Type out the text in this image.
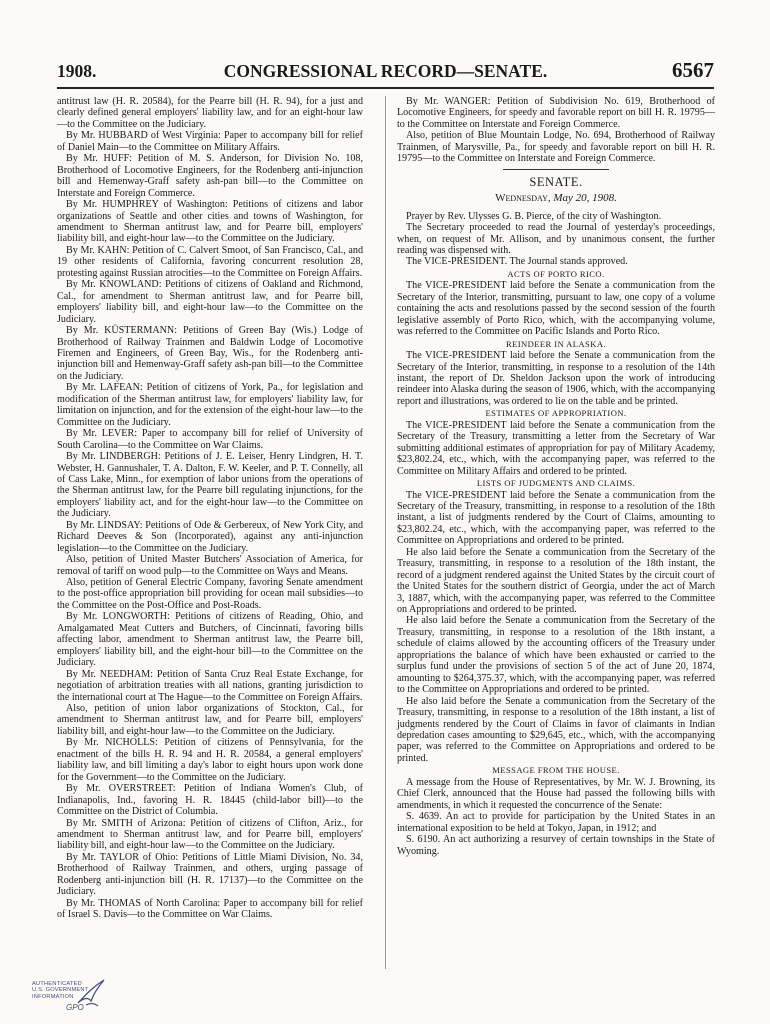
1908.	CONGRESSIONAL RECORD—SENATE.	6567

antitrust law (H. R. 20584), for the Pearre bill (H. R. 94), for a just and clearly defined general employers' liability law, and for an eight-hour law—to the Committee on the Judiciary.

By Mr. HUBBARD of West Virginia: Paper to accompany bill for relief of Daniel Main—to the Committee on Military Affairs.

By Mr. HUFF: Petition of M. S. Anderson, for Division No. 108, Brotherhood of Locomotive Engineers, for the Rodenberg anti-injunction bill and Hemenway-Graff safety ash-pan bill—to the Committee on Interstate and Foreign Commerce.

By Mr. HUMPHREY of Washington: Petitions of citizens and labor organizations of Seattle and other cities and towns of Washington, for amendment to Sherman antitrust law, and for Pearre bill, employers' liability bill, and eight-hour law—to the Committee on the Judiciary.

By Mr. KAHN: Petition of C. Calvert Smoot, of San Francisco, Cal., and 19 other residents of California, favoring concurrent resolution 28, protesting against Russian atrocities—to the Committee on Foreign Affairs.

By Mr. KNOWLAND: Petitions of citizens of Oakland and Richmond, Cal., for amendment to Sherman antitrust law, and for Pearre bill, employers' liability bill, and eight-hour law—to the Committee on the Judiciary.

By Mr. KÜSTERMANN: Petitions of Green Bay (Wis.) Lodge of Brotherhood of Railway Trainmen and Baldwin Lodge of Locomotive Firemen and Engineers, of Green Bay, Wis., for the Rodenberg anti-injunction bill and Hemenway-Graff safety ash-pan bill—to the Committee on the Judiciary.

By Mr. LAFEAN: Petition of citizens of York, Pa., for legislation and modification of the Sherman antitrust law, for employers' liability law, for limitation on injunction, and for the extension of the eight-hour law—to the Committee on the Judiciary.

By Mr. LEVER: Paper to accompany bill for relief of University of South Carolina—to the Committee on War Claims.

By Mr. LINDBERGH: Petitions of J. E. Leiser, Henry Lindgren, H. T. Webster, H. Gannushaler, T. A. Dalton, F. W. Keeler, and P. T. Connelly, all of Cass Lake, Minn., for exemption of labor unions from the operations of the Sherman antitrust law, for the Pearre bill regulating injunctions, for the employers' liability act, and for the eight-hour law—to the Committee on the Judiciary.

By Mr. LINDSAY: Petitions of Ode & Gerbereux, of New York City, and Richard Deeves & Son (Incorporated), against any anti-injunction legislation—to the Committee on the Judiciary.

Also, petition of United Master Butchers' Association of America, for removal of tariff on wood pulp—to the Committee on Ways and Means.

Also, petition of General Electric Company, favoring Senate amendment to the post-office appropriation bill providing for ocean mail subsidies—to the Committee on the Post-Office and Post-Roads.

By Mr. LONGWORTH: Petitions of citizens of Reading, Ohio, and Amalgamated Meat Cutters and Butchers, of Cincinnati, favoring bills affecting labor, amendment to Sherman antitrust law, the Pearre bill, employers' liability bill, and the eight-hour bill—to the Committee on the Judiciary.

By Mr. NEEDHAM: Petition of Santa Cruz Real Estate Exchange, for negotiation of arbitration treaties with all nations, granting jurisdiction to the international court at The Hague—to the Committee on Foreign Affairs.

Also, petition of union labor organizations of Stockton, Cal., for amendment to Sherman antitrust law, and for Pearre bill, employers' liability bill, and eight-hour law—to the Committee on the Judiciary.

By Mr. NICHOLLS: Petition of citizens of Pennsylvania, for the enactment of the bills H. R. 94 and H. R. 20584, a general employers' liability law, and bill limiting a day's labor to eight hours upon work done for the Government—to the Committee on the Judiciary.

By Mr. OVERSTREET: Petition of Indiana Women's Club, of Indianapolis, Ind., favoring H. R. 18445 (child-labor bill)—to the Committee on the District of Columbia.

By Mr. SMITH of Arizona: Petition of citizens of Clifton, Ariz., for amendment to Sherman antitrust law, and for Pearre bill, employers' liability bill, and eight-hour law—to the Committee on the Judiciary.

By Mr. TAYLOR of Ohio: Petitions of Little Miami Division, No. 34, Brotherhood of Railway Trainmen, and others, urging passage of Rodenberg anti-injunction bill (H. R. 17137)—to the Committee on the Judiciary.

By Mr. THOMAS of North Carolina: Paper to accompany bill for relief of Israel S. Davis—to the Committee on War Claims.

By Mr. WANGER: Petition of Subdivision No. 619, Brotherhood of Locomotive Engineers, for speedy and favorable report on bill H. R. 19795—to the Committee on Interstate and Foreign Commerce.

Also, petition of Blue Mountain Lodge, No. 694, Brotherhood of Railway Trainmen, of Marysville, Pa., for speedy and favorable report on bill H. R. 19795—to the Committee on Interstate and Foreign Commerce.

SENATE.
Wednesday, May 20, 1908.

Prayer by Rev. Ulysses G. B. Pierce, of the city of Washington.

The Secretary proceeded to read the Journal of yesterday's proceedings, when, on request of Mr. Allison, and by unanimous consent, the further reading was dispensed with.

The VICE-PRESIDENT. The Journal stands approved.

ACTS OF PORTO RICO.

The VICE-PRESIDENT laid before the Senate a communication from the Secretary of the Interior, transmitting, pursuant to law, one copy of a volume containing the acts and resolutions passed by the second session of the fourth legislative assembly of Porto Rico, which, with the accompanying volume, was referred to the Committee on Pacific Islands and Porto Rico.

REINDEER IN ALASKA.

The VICE-PRESIDENT laid before the Senate a communication from the Secretary of the Interior, transmitting, in response to a resolution of the 14th instant, the report of Dr. Sheldon Jackson upon the work of introducing reindeer into Alaska during the season of 1906, which, with the accompanying report and illustrations, was ordered to lie on the table and be printed.

ESTIMATES OF APPROPRIATION.

The VICE-PRESIDENT laid before the Senate a communication from the Secretary of the Treasury, transmitting a letter from the Secretary of War submitting additional estimates of appropriation for pay of Military Academy, $23,802.24, etc., which, with the accompanying paper, was referred to the Committee on Military Affairs and ordered to be printed.

LISTS OF JUDGMENTS AND CLAIMS.

The VICE-PRESIDENT laid before the Senate a communication from the Secretary of the Treasury, transmitting, in response to a resolution of the 18th instant, a list of judgments rendered by the Court of Claims, amounting to $23,802.24, etc., which, with the accompanying paper, was referred to the Committee on Appropriations and ordered to be printed.

He also laid before the Senate a communication from the Secretary of the Treasury, transmitting, in response to a resolution of the 18th instant, the record of a judgment rendered against the United States by the circuit court of the United States for the southern district of Georgia, under the act of March 3, 1887, which, with the accompanying paper, was referred to the Committee on Appropriations and ordered to be printed.

He also laid before the Senate a communication from the Secretary of the Treasury, transmitting, in response to a resolution of the 18th instant, a schedule of claims allowed by the accounting officers of the Treasury under appropriations the balance of which have been exhausted or carried to the surplus fund under the provisions of section 5 of the act of June 20, 1874, amounting to $264,375.37, which, with the accompanying paper, was referred to the Committee on Appropriations and ordered to be printed.

He also laid before the Senate a communication from the Secretary of the Treasury, transmitting, in response to a resolution of the 18th instant, a list of judgments rendered by the Court of Claims in favor of claimants in Indian depredation cases amounting to $29,645, etc., which, with the accompanying paper, was referred to the Committee on Appropriations and ordered to be printed.

MESSAGE FROM THE HOUSE.

A message from the House of Representatives, by Mr. W. J. Browning, its Chief Clerk, announced that the House had passed the following bills with amendments, in which it requested the concurrence of the Senate:

S. 4639. An act to provide for participation by the United States in an international exposition to be held at Tokyo, Japan, in 1912; and

S. 6190. An act authorizing a resurvey of certain townships in the State of Wyoming.

AUTHENTICATED
U.S. GOVERNMENT
INFORMATION
GPO
